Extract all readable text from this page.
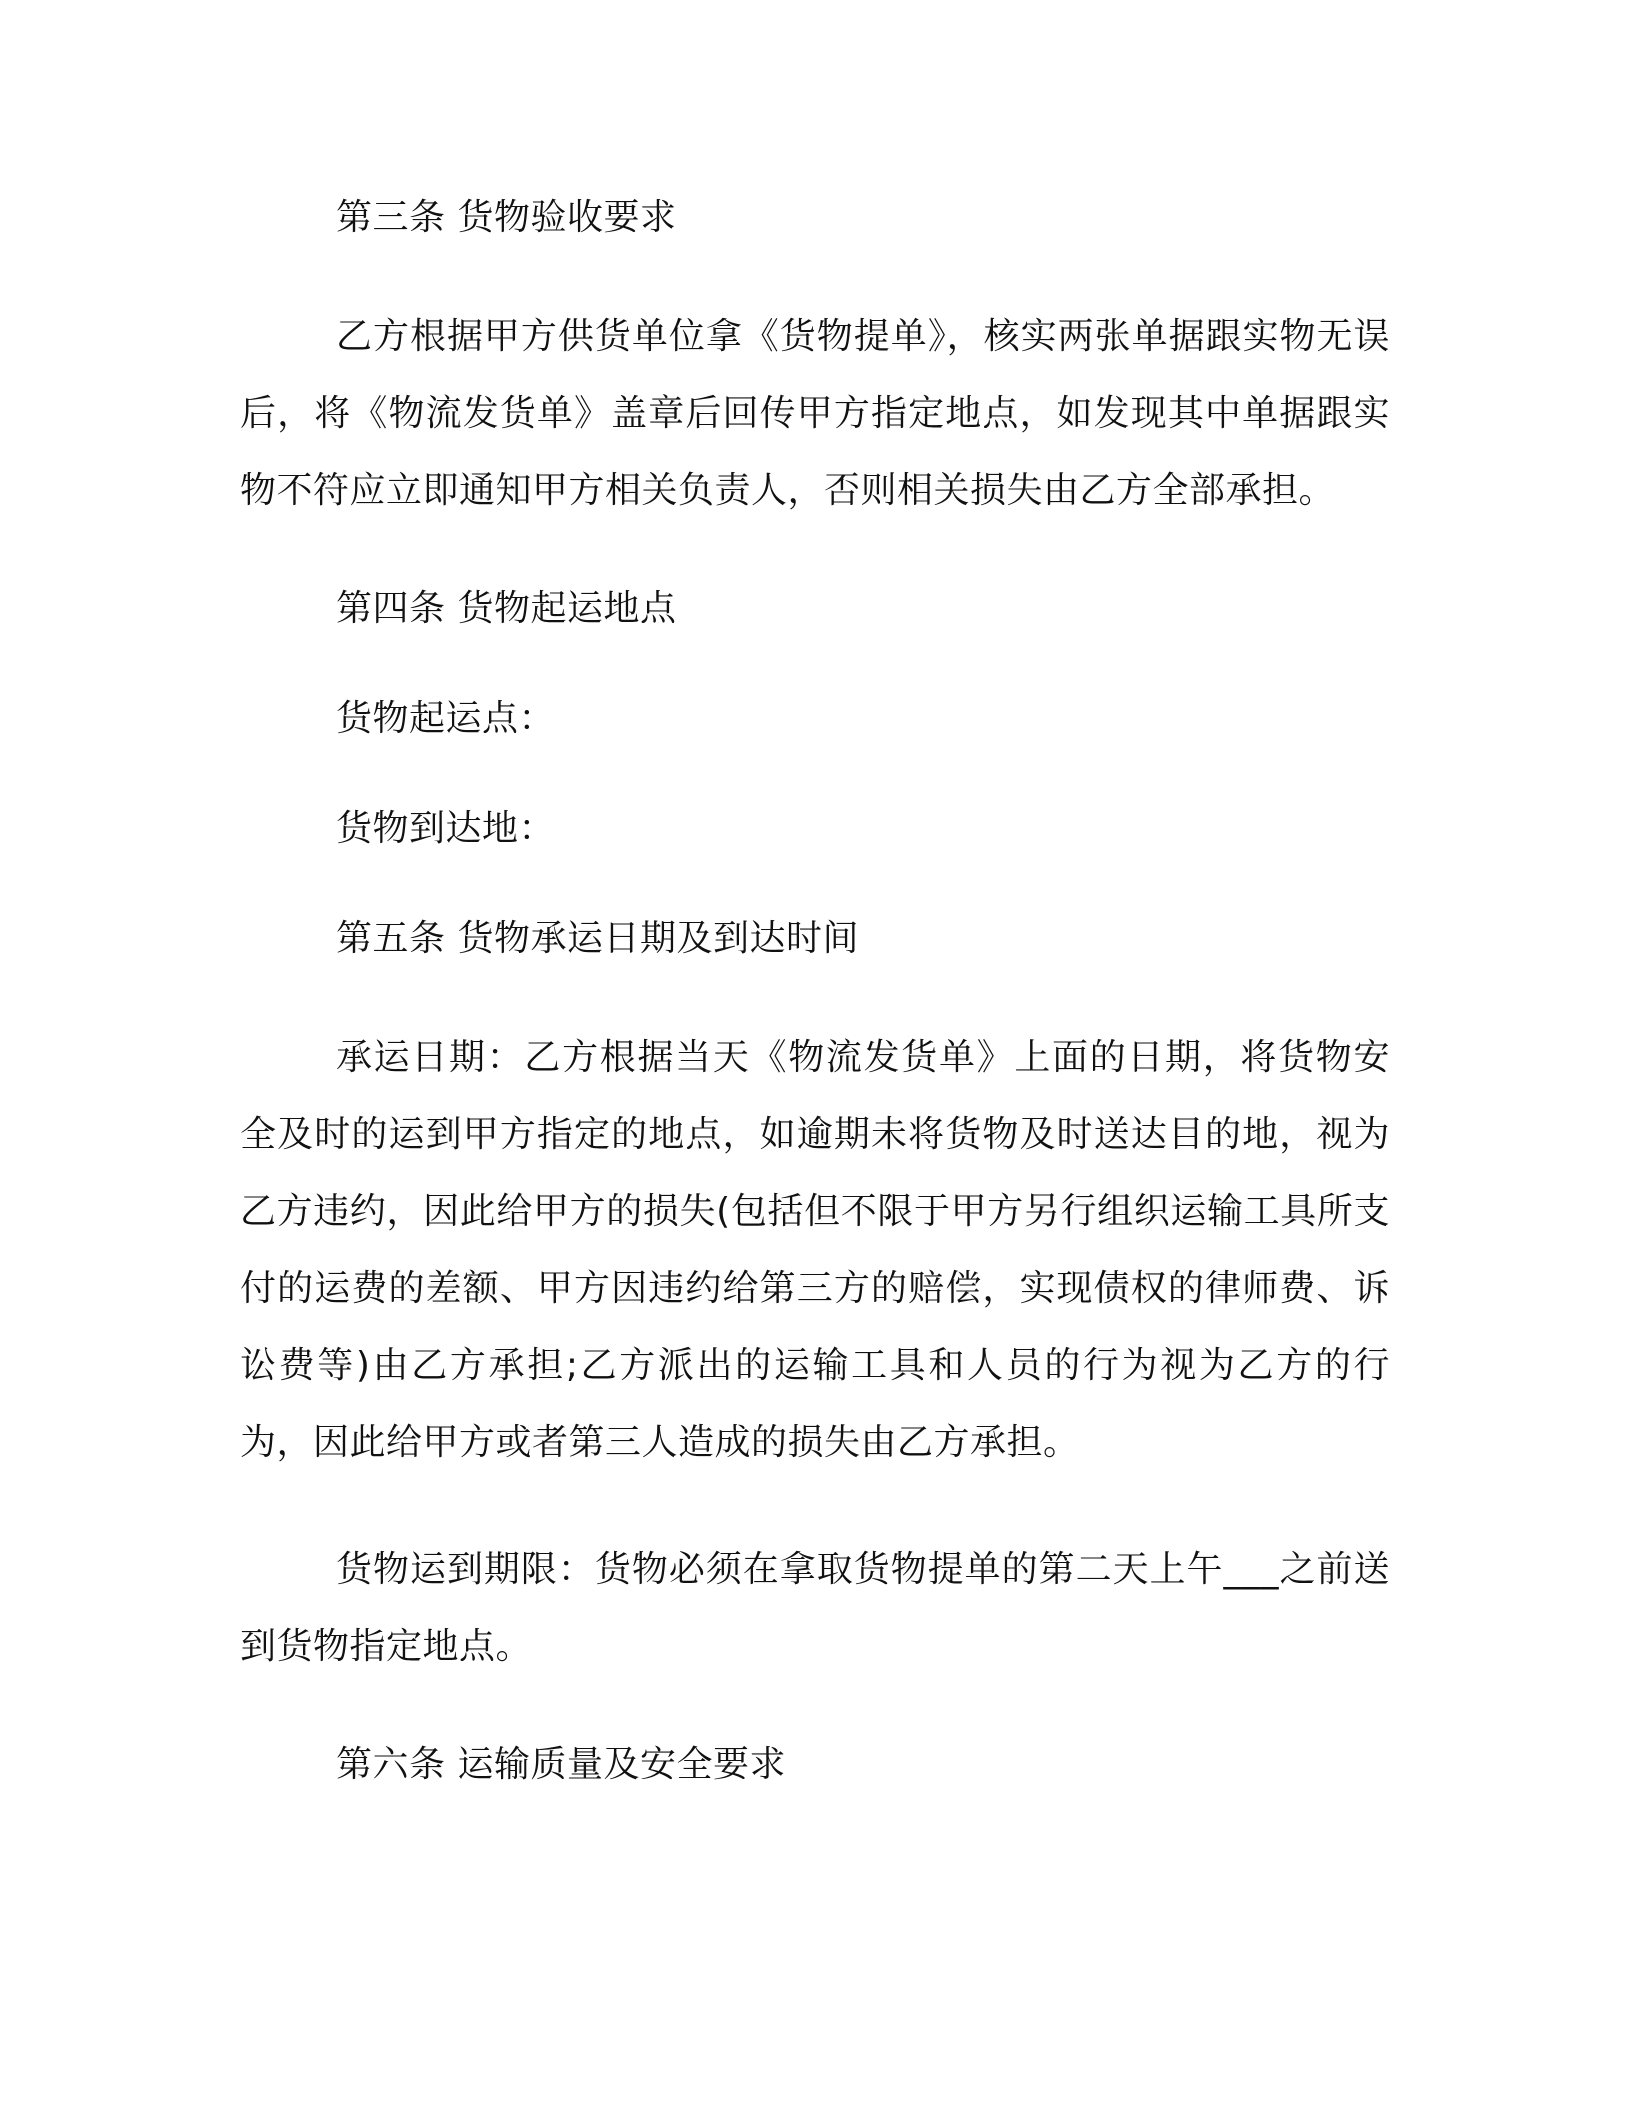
第三条 货物验收要求
乙方根据甲方供货单位拿《货物提单》，核实两张单据跟实物无误后，将《物流发货单》盖章后回传甲方指定地点，如发现其中单据跟实物不符应立即通知甲方相关负责人，否则相关损失由乙方全部承担。
第四条 货物起运地点
货物起运点：
货物到达地：
第五条 货物承运日期及到达时间
承运日期：乙方根据当天《物流发货单》上面的日期，将货物安全及时的运到甲方指定的地点，如逾期未将货物及时送达目的地，视为乙方违约，因此给甲方的损失(包括但不限于甲方另行组织运输工具所支付的运费的差额、甲方因违约给第三方的赔偿，实现债权的律师费、诉讼费等)由乙方承担;乙方派出的运输工具和人员的行为视为乙方的行为，因此给甲方或者第三人造成的损失由乙方承担。
货物运到期限：货物必须在拿取货物提单的第二天上午___之前送到货物指定地点。
第六条 运输质量及安全要求
